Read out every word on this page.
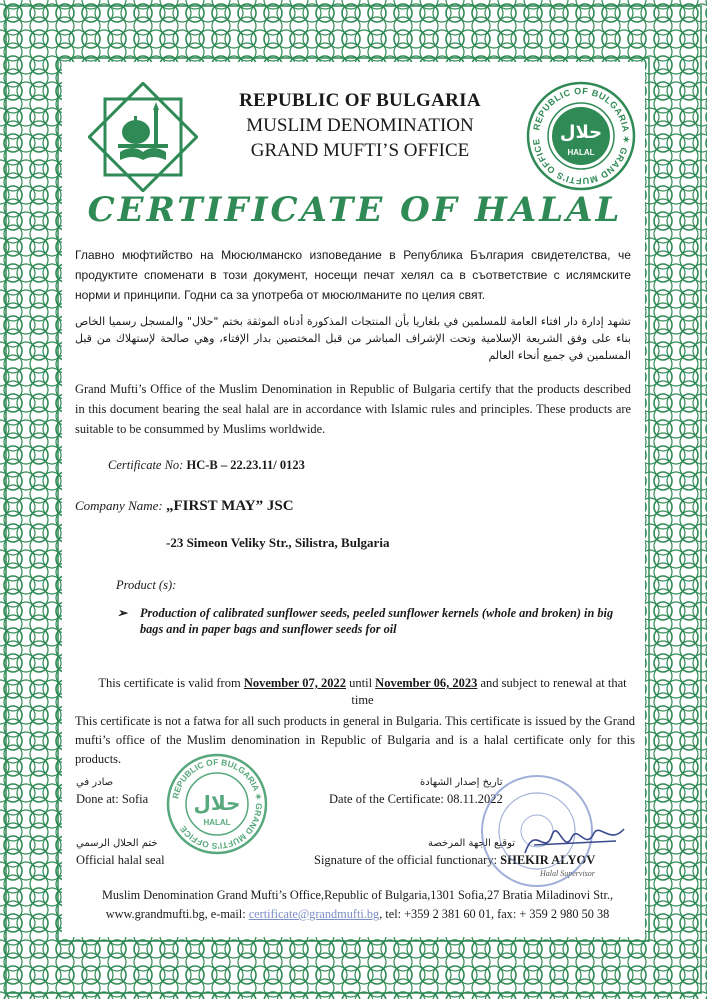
REPUBLIC OF BULGARIA
MUSLIM DENOMINATION
GRAND MUFTI’S OFFICE
REPUBLIC OF BULGARIA ✶ GRAND MUFTI'S OFFICE	حلال
HALAL
CERTIFICATE OF HALAL
Главно мюфтийство на Мюсюлманско изповедание в Република България свидетелства, че продуктите споменати в този документ, носещи печат хелял са в съответствие с ислямските норми и принципи. Годни са за употреба от мюсюлманите по целия свят.
تشهد إدارة دار افتاء العامة للمسلمين في بلغاريا بأن المنتجات المذكورة أدناه الموثقة بختم "حلال" والمسجل رسميا الخاص بناء على وفق الشريعة الإسلامية وتحت الإشراف المباشر من قبل المختصين بدار الإفتاء، وهي صالحة لإستهلاك من قبل المسلمين في جميع أنحاء العالم
Grand Mufti’s Office of the Muslim Denomination in Republic of Bulgaria certify that the products described in this document bearing the seal halal are in accordance with Islamic rules and principles. These products are suitable to be consummed by Muslims worldwide.
Certificate No: HC-B – 22.23.11/ 0123
Company Name: „FIRST MAY” JSC
-23 Simeon Veliky Str., Silistra, Bulgaria
Product (s):
➢	Production of calibrated sunflower seeds, peeled sunflower kernels (whole and broken) in big bags and in paper bags and sunflower seeds for oil
This certificate is valid from November 07, 2022 until November 06, 2023 and subject to renewal at that time
This certificate is not a fatwa for all such products in general in Bulgaria. This certificate is issued by the Grand mufti’s office of the Muslim denomination in Republic of Bulgaria and is a halal certificate only for this products.
صادر في
Done at: Sofia
تاريخ إصدار الشهادة
Date of the Certificate: 08.11.2022
ختم الحلال الرسمي
Official halal seal
توقيع الجهة المرخصة
Signature of the official functionary: SHEKIR ALYOV
Halal Supervisor
REPUBLIC OF BULGARIA ✶ GRAND MUFTI'S OFFICE
حلال
HALAL
Muslim Denomination Grand Mufti’s Office,Republic of Bulgaria,1301 Sofia,27 Bratia Miladinovi Str.,
www.grandmufti.bg, e-mail: certificate@grandmufti.bg, tel: +359 2 381 60 01, fax: + 359 2 980 50 38
